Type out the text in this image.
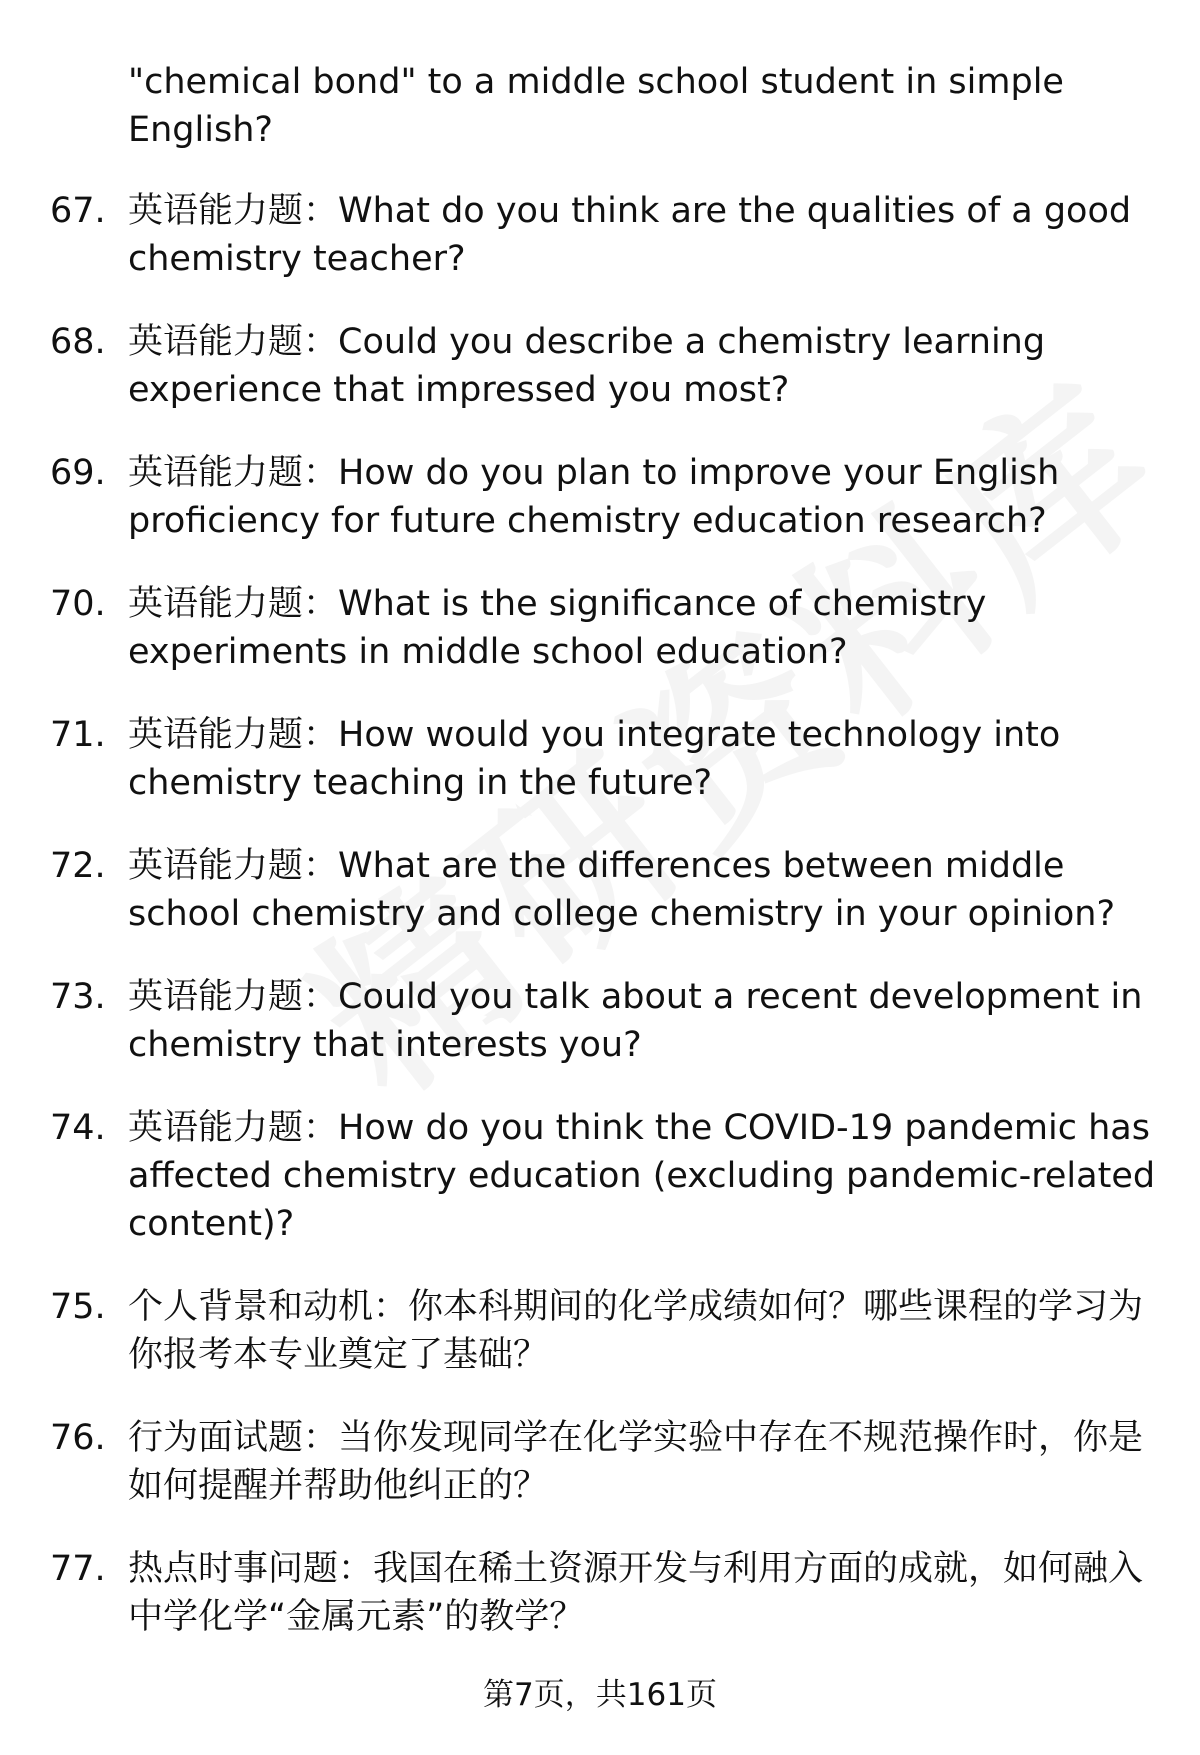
"chemical bond" to a middle school student in simple English?
67. 英语能力题：What do you think are the qualities of a good chemistry teacher?
68. 英语能力题：Could you describe a chemistry learning experience that impressed you most?
69. 英语能力题：How do you plan to improve your English proficiency for future chemistry education research?
70. 英语能力题：What is the significance of chemistry experiments in middle school education?
71. 英语能力题：How would you integrate technology into chemistry teaching in the future?
72. 英语能力题：What are the differences between middle school chemistry and college chemistry in your opinion?
73. 英语能力题：Could you talk about a recent development in chemistry that interests you?
74. 英语能力题：How do you think the COVID-19 pandemic has affected chemistry education (excluding pandemic-related content)?
75. 个人背景和动机：你本科期间的化学成绩如何？哪些课程的学习为你报考本专业奠定了基础？
76. 行为面试题：当你发现同学在化学实验中存在不规范操作时，你是如何提醒并帮助他纠正的？
77. 热点时事问题：我国在稀土资源开发与利用方面的成就，如何融入中学化学“金属元素”的教学？
第7页，共161页
